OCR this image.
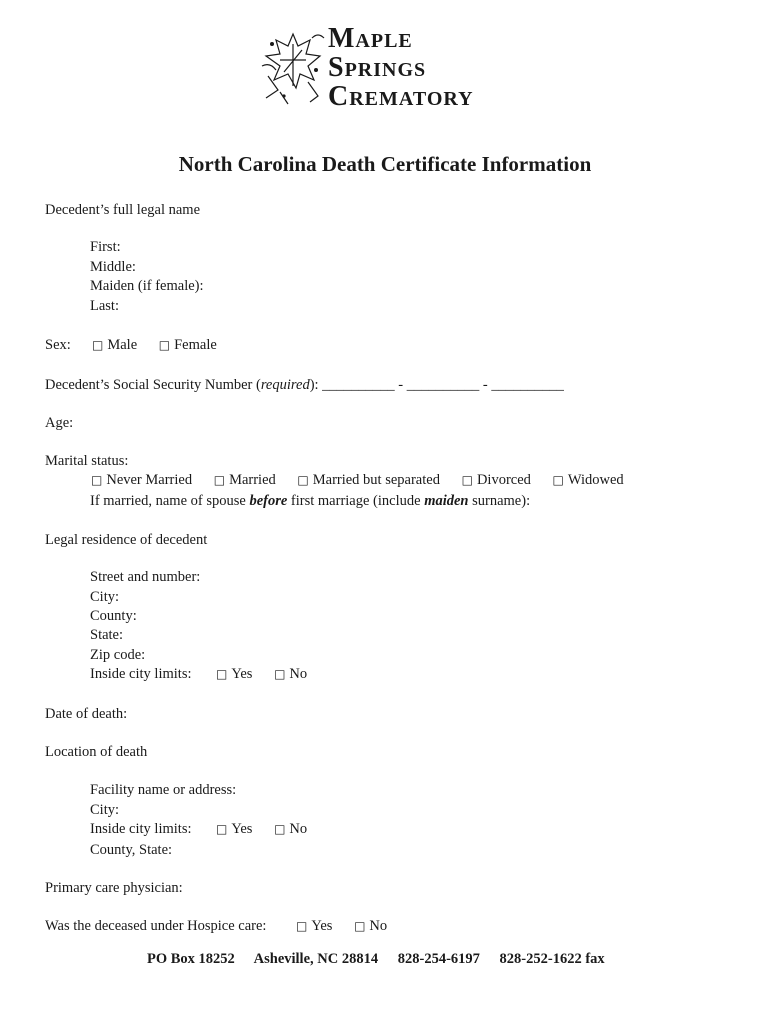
Maple
Springs
Crematory
North Carolina Death Certificate Information
Decedent’s full legal name
First:
Middle:
Maiden (if female):
Last:
Sex: □ Male □ Female
Decedent’s Social Security Number (required): __________ - __________ - __________
Age:
Marital status:
□ Never Married □ Married □ Married but separated □ Divorced □ Widowed
If married, name of spouse before first marriage (include maiden surname):
Legal residence of decedent
Street and number:
City:
County:
State:
Zip code:
Inside city limits: □ Yes □ No
Date of death:
Location of death
Facility name or address:
City:
Inside city limits: □ Yes □ No
County, State:
Primary care physician:
Was the deceased under Hospice care: □ Yes □ No
PO Box 18252 Asheville, NC 28814 828-254-6197 828-252-1622 fax
